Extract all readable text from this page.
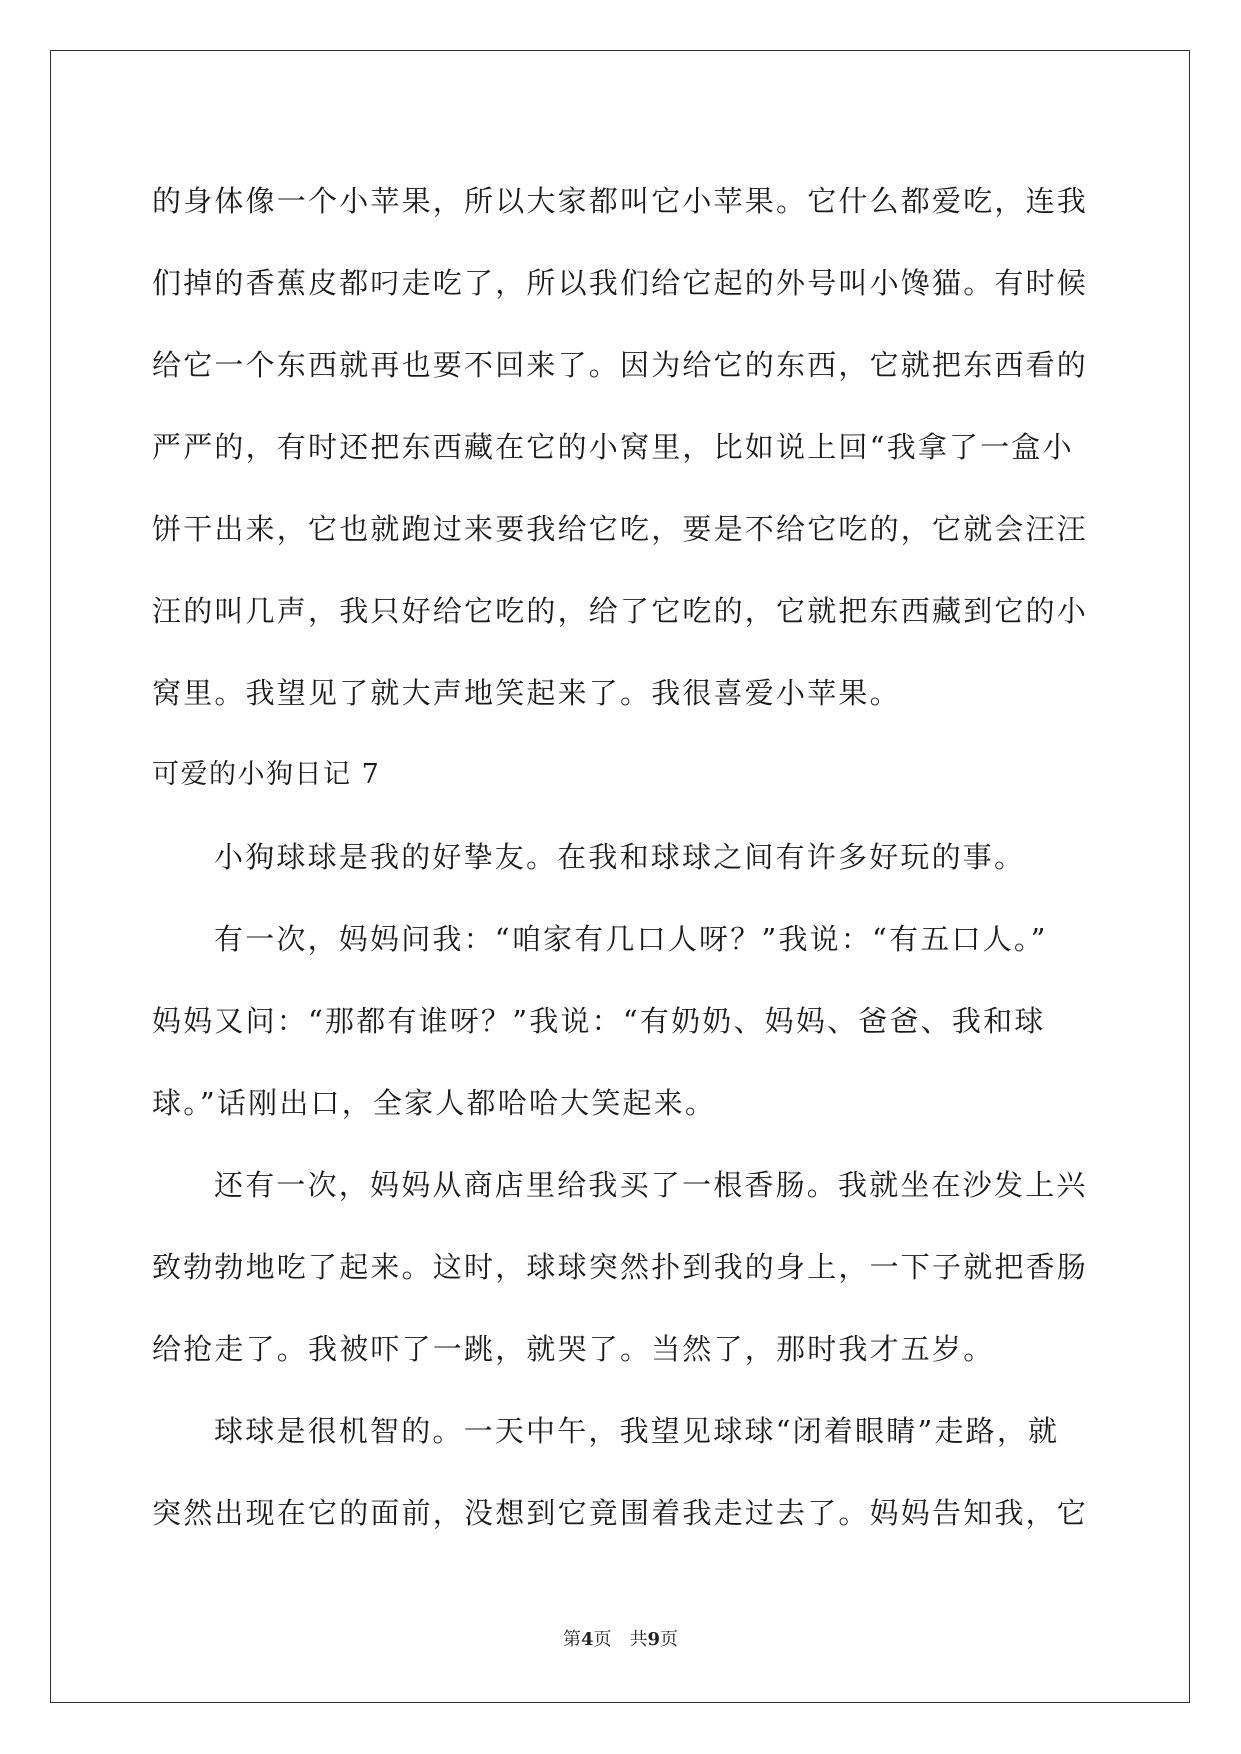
的身体像一个小苹果，所以大家都叫它小苹果。它什么都爱吃，连我
们掉的香蕉皮都叼走吃了，所以我们给它起的外号叫小馋猫。有时候
给它一个东西就再也要不回来了。因为给它的东西，它就把东西看的
严严的，有时还把东西藏在它的小窝里，比如说上回“我拿了一盒小
饼干出来，它也就跑过来要我给它吃，要是不给它吃的，它就会汪汪
汪的叫几声，我只好给它吃的，给了它吃的，它就把东西藏到它的小
窝里。我望见了就大声地笑起来了。我很喜爱小苹果。
可爱的小狗日记 7
小狗球球是我的好挚友。在我和球球之间有许多好玩的事。
有一次，妈妈问我：“咱家有几口人呀？”我说：“有五口人。”
妈妈又问：“那都有谁呀？”我说：“有奶奶、妈妈、爸爸、我和球
球。”话刚出口，全家人都哈哈大笑起来。
还有一次，妈妈从商店里给我买了一根香肠。我就坐在沙发上兴
致勃勃地吃了起来。这时，球球突然扑到我的身上，一下子就把香肠
给抢走了。我被吓了一跳，就哭了。当然了，那时我才五岁。
球球是很机智的。一天中午，我望见球球“闭着眼睛”走路，就
突然出现在它的面前，没想到它竟围着我走过去了。妈妈告知我，它
第4页 共9页
